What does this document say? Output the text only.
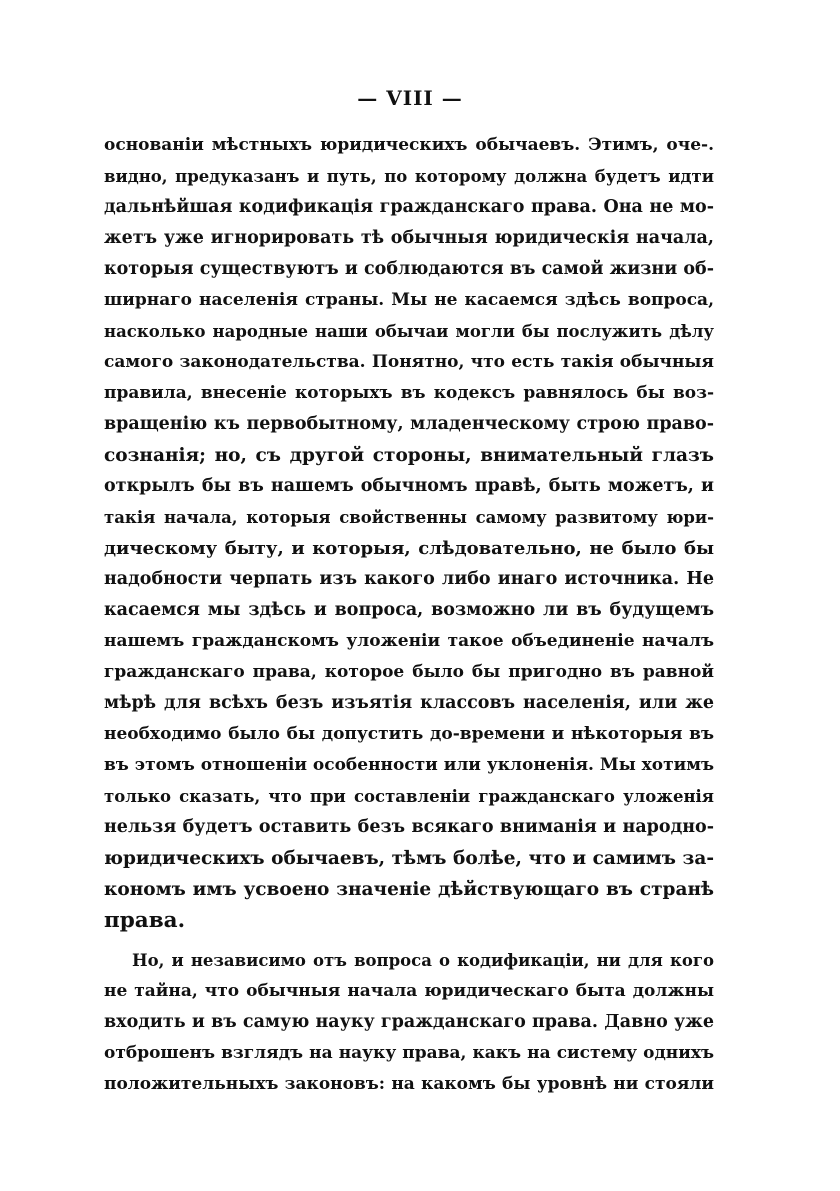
— VIII —
основаніи мѣстныхъ юридическихъ обычаевъ. Этимъ, оче-.
видно, предуказанъ и путь, по которому должна будетъ идти
дальнѣйшая кодификація гражданскаго права. Она не мо-
жетъ уже игнорировать тѣ обычныя юридическія начала,
которыя существуютъ и соблюдаются въ самой жизни об-
ширнаго населенія страны. Мы не касаемся здѣсь вопроса,
насколько народные наши обычаи могли бы послужить дѣлу
самого законодательства. Понятно, что есть такія обычныя
правила, внесеніе которыхъ въ кодексъ равнялось бы воз-
вращенію къ первобытному, младенческому строю право-
сознанія; но, съ другой стороны, внимательный глазъ
открылъ бы въ нашемъ обычномъ правѣ, быть можетъ, и
такія начала, которыя свойственны самому развитому юри-
дическому быту, и которыя, слѣдовательно, не было бы
надобности черпать изъ какого либо инаго источника. Не
касаемся мы здѣсь и вопроса, возможно ли въ будущемъ
нашемъ гражданскомъ уложеніи такое объединеніе началъ
гражданскаго права, которое было бы пригодно въ равной
мѣрѣ для всѣхъ безъ изъятія классовъ населенія, или же
необходимо было бы допустить до-времени и нѣкоторыя въ
въ этомъ отношеніи особенности или уклоненія. Мы хотимъ
только сказать, что при составленіи гражданскаго уложенія
нельзя будетъ оставить безъ всякаго вниманія и народно-
юридическихъ обычаевъ, тѣмъ болѣе, что и самимъ за-
кономъ имъ усвоено значеніе дѣйствующаго въ странѣ
права.
Но, и независимо отъ вопроса о кодификаціи, ни для кого
не тайна, что обычныя начала юридическаго быта должны
входить и въ самую науку гражданскаго права. Давно уже
отброшенъ взглядъ на науку права, какъ на систему однихъ
положительныхъ законовъ: на какомъ бы уровнѣ ни стояли
